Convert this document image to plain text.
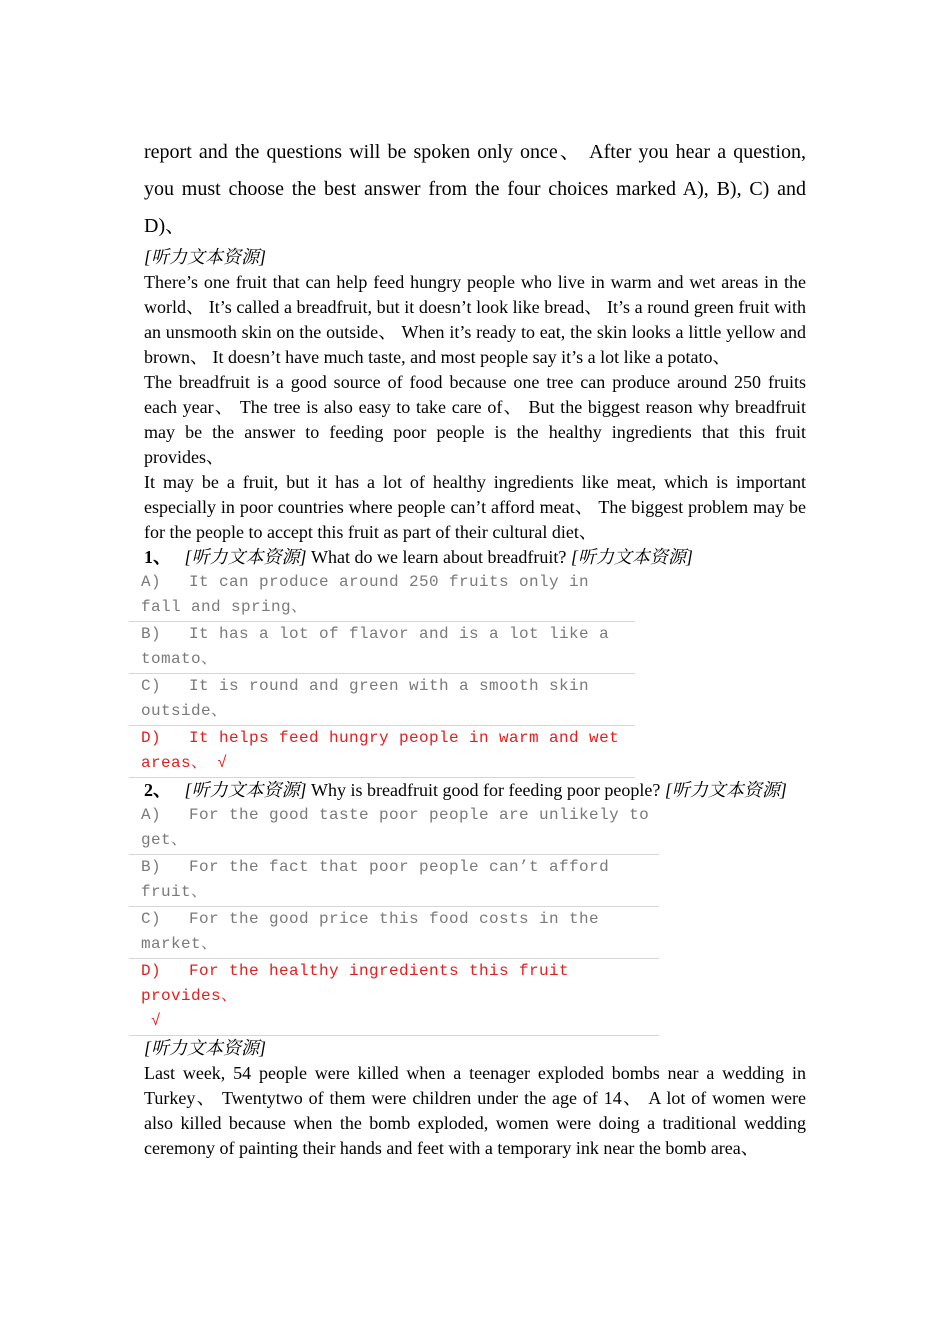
report and the questions will be spoken only once、 After you hear a question, you must choose the best answer from the four choices marked A), B), C) and D)、

[听力文本资源]

There’s one fruit that can help feed hungry people who live in warm and wet areas in the world、 It’s called a breadfruit, but it doesn’t look like bread、 It’s a round green fruit with an unsmooth skin on the outside、 When it’s ready to eat, the skin looks a little yellow and brown、 It doesn’t have much taste, and most people say it’s a lot like a potato、

The breadfruit is a good source of food because one tree can produce around 250 fruits each year、 The tree is also easy to take care of、 But the biggest reason why breadfruit may be the answer to feeding poor people is the healthy ingredients that this fruit provides、

It may be a fruit, but it has a lot of healthy ingredients like meat, which is important especially in poor countries where people can’t afford meat、 The biggest problem may be for the people to accept this fruit as part of their cultural diet、

1、 [听力文本资源] What do we learn about breadfruit? [听力文本资源]

A) It can produce around 250 fruits only in fall and spring、
B) It has a lot of flavor and is a lot like a tomato、
C) It is round and green with a smooth skin outside、
D) It helps feed hungry people in warm and wet areas、 √

2、 [听力文本资源] Why is breadfruit good for feeding poor people? [听力文本资源]

A) For the good taste poor people are unlikely to get、
B) For the fact that poor people can’t afford fruit、
C) For the good price this food costs in the market、
D) For the healthy ingredients this fruit provides、
√
[听力文本资源]

Last week, 54 people were killed when a teenager exploded bombs near a wedding in Turkey、 Twentytwo of them were children under the age of 14、 A lot of women were also killed because when the bomb exploded, women were doing a traditional wedding ceremony of painting their hands and feet with a temporary ink near the bomb area、
